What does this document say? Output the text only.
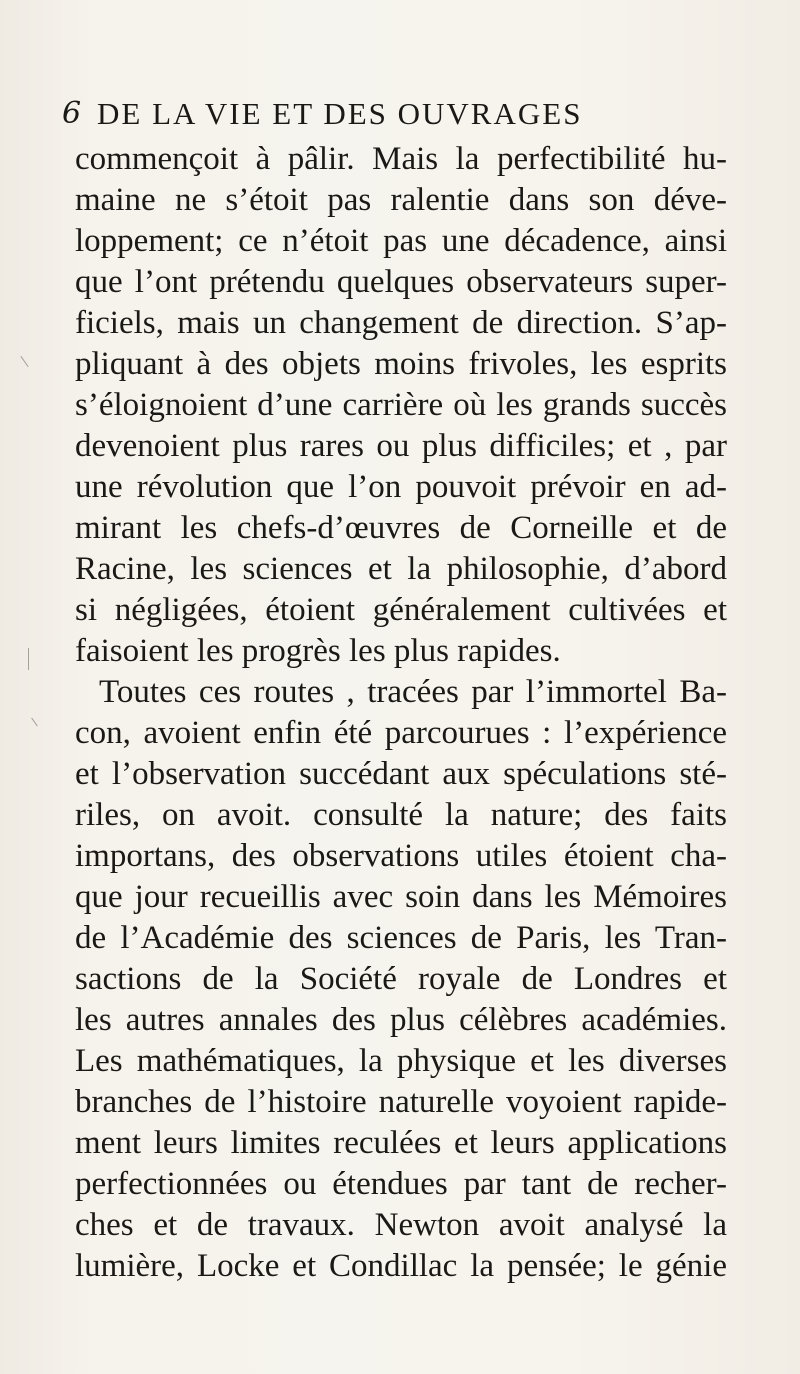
6 DE LA VIE ET DES OUVRAGES
commençoit à pâlir. Mais la perfectibilité hu-
maine ne s’étoit pas ralentie dans son déve-
loppement; ce n’étoit pas une décadence, ainsi
que l’ont prétendu quelques observateurs super-
ficiels, mais un changement de direction. S’ap-
pliquant à des objets moins frivoles, les esprits
s’éloignoient d’une carrière où les grands succès
devenoient plus rares ou plus difficiles; et , par
une révolution que l’on pouvoit prévoir en ad-
mirant les chefs-d’œuvres de Corneille et de
Racine, les sciences et la philosophie, d’abord
si négligées, étoient généralement cultivées et
faisoient les progrès les plus rapides.
Toutes ces routes , tracées par l’immortel Ba-
con, avoient enfin été parcourues : l’expérience
et l’observation succédant aux spéculations sté-
riles, on avoit. consulté la nature; des faits
importans, des observations utiles étoient cha-
que jour recueillis avec soin dans les Mémoires
de l’Académie des sciences de Paris, les Tran-
sactions de la Société royale de Londres et
les autres annales des plus célèbres académies.
Les mathématiques, la physique et les diverses
branches de l’histoire naturelle voyoient rapide-
ment leurs limites reculées et leurs applications
perfectionnées ou étendues par tant de recher-
ches et de travaux. Newton avoit analysé la
lumière, Locke et Condillac la pensée; le génie
